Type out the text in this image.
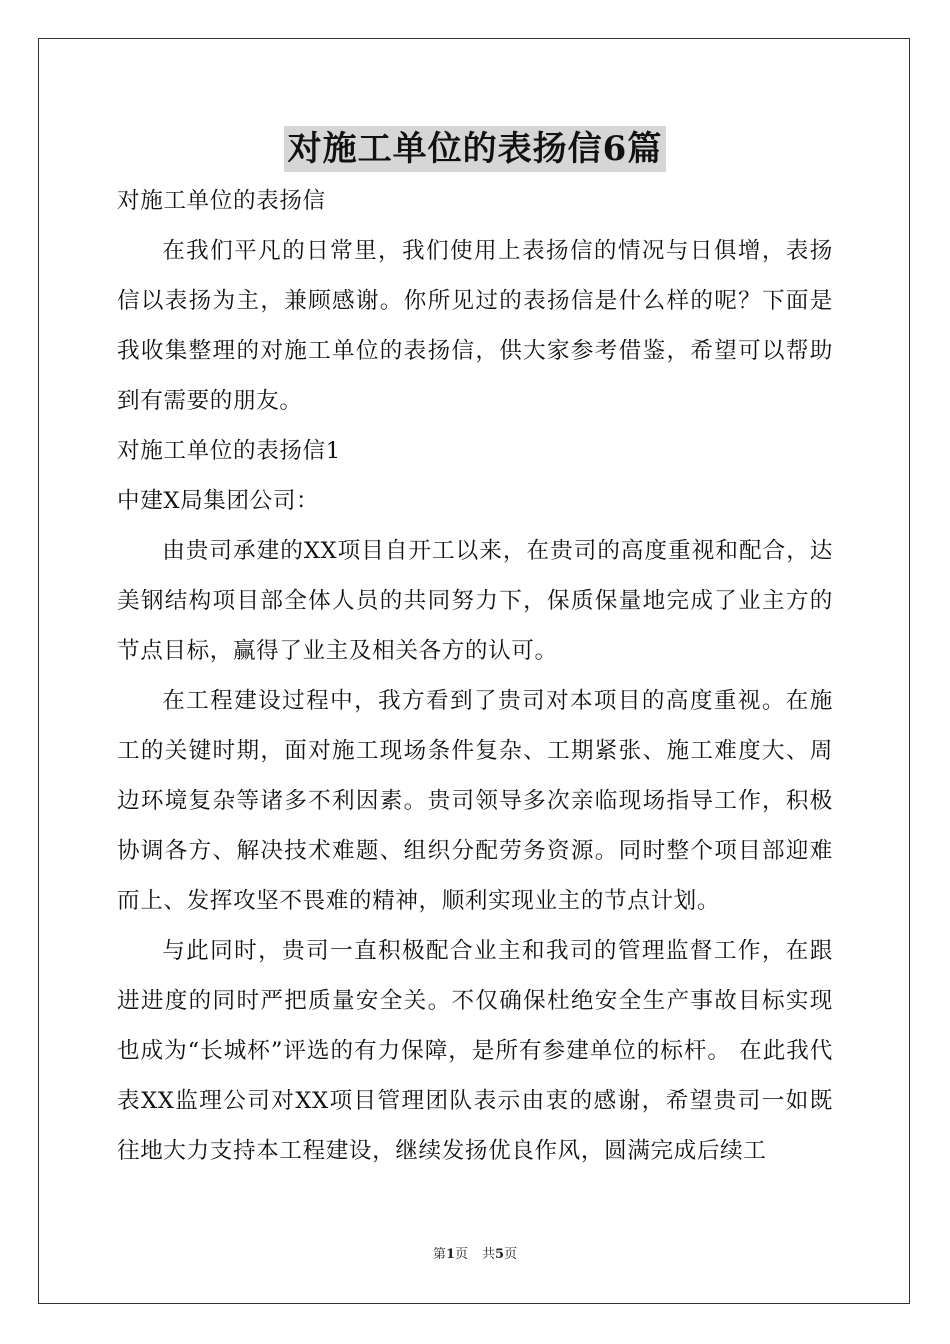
对施工单位的表扬信6篇

对施工单位的表扬信

在我们平凡的日常里，我们使用上表扬信的情况与日俱增，表扬信以表扬为主，兼顾感谢。你所见过的表扬信是什么样的呢？下面是我收集整理的对施工单位的表扬信，供大家参考借鉴，希望可以帮助到有需要的朋友。

对施工单位的表扬信1

中建X局集团公司：

由贵司承建的XX项目自开工以来，在贵司的高度重视和配合，达美钢结构项目部全体人员的共同努力下，保质保量地完成了业主方的节点目标，赢得了业主及相关各方的认可。

在工程建设过程中，我方看到了贵司对本项目的高度重视。在施工的关键时期，面对施工现场条件复杂、工期紧张、施工难度大、周边环境复杂等诸多不利因素。贵司领导多次亲临现场指导工作，积极协调各方、解决技术难题、组织分配劳务资源。同时整个项目部迎难而上、发挥攻坚不畏难的精神，顺利实现业主的节点计划。

与此同时，贵司一直积极配合业主和我司的管理监督工作，在跟进进度的同时严把质量安全关。不仅确保杜绝安全生产事故目标实现也成为“长城杯”评选的有力保障，是所有参建单位的标杆。 在此我代表XX监理公司对XX项目管理团队表示由衷的感谢，希望贵司一如既往地大力支持本工程建设，继续发扬优良作风，圆满完成后续工

第1页 共5页
